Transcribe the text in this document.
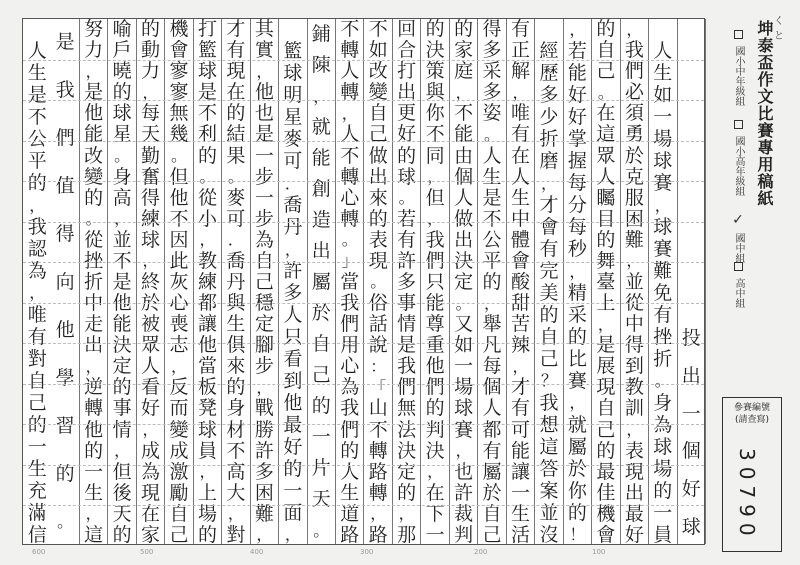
投
出
一
個
好
球

人
生
如
一
場
球
賽
，
球
賽
難
免
有
挫
折
。
身
為
球
場
的
一
員
，
我
們
必
須
勇
於
克
服
困
難
，
並
從
中
得
到
教
訓
，
表
現
出
最
好
的
自
己
。
在
這
眾
人
矚
目
的
舞
臺
上
，
是
展
現
自
己
的
最
佳
機
會
，
若
能
好
好
掌
握
每
分
每
秒
，
精
采
的
比
賽
，
就
屬
於
你
的
！

經
歷
多
少
折
磨
，
才
會
有
完
美
的
自
己
？
我
想
這
答
案
並
沒
有
正
解
，
唯
有
在
人
生
中
體
會
酸
甜
苦
辣
，
才
有
可
能
讓
一
生
活
得
多
采
多
姿
。
人
生
是
不
公
平
的
，
舉
凡
每
個
人
都
有
屬
於
自
己
的
家
庭
，
不
能
由
個
人
做
出
決
定
。
又
如
一
場
球
賽
，
也
許
裁
判
的
決
策
與
你
不
同
，
但
，
我
們
只
能
尊
重
他
們
的
判
決
，
在
下
一
回
合
打
出
更
好
的
球
。
若
有
許
多
事
情
是
我
們
無
法
決
定
的
，
那
不
如
改
變
自
己
做
出
來
的
表
現
。
俗
話
說
：
「
山
不
轉
路
轉
，
路
不
轉
人
轉
，
人
不
轉
心
轉
。
」
當
我
們
用
心
為
我
們
的
人
生
道
路
鋪
陳
，
就
能
創
造
出
屬
於
自
己
的
一
片
天
。

籃
球
明
星
麥
可
．
喬
丹
，
許
多
人
只
看
到
他
最
好
的
一
面
，
其
實
，
他
也
是
一
步
一
步
為
自
己
穩
定
腳
步
，
戰
勝
許
多
困
難
，
才
有
現
在
的
結
果
。
麥
可
．
喬
丹
與
生
俱
來
的
身
材
不
高
大
，
對
打
籃
球
是
不
利
的
。
從
小
，
教
練
都
讓
他
當
板
凳
球
員
，
上
場
的
機
會
寥
寥
無
幾
。
但
他
不
因
此
灰
心
喪
志
，
反
而
變
成
激
勵
自
己
的
動
力
，
每
天
勤
奮
得
練
球
，
終
於
被
眾
人
看
好
，
成
為
現
在
家
喻
戶
曉
的
球
星
。
身
高
，
並
不
是
他
能
決
定
的
事
情
，
但
後
天
的
努
力
，
是
他
能
改
變
的
。
從
挫
折
中
走
出
，
逆
轉
他
的
一
生
，
這
是
我
們
值
得
向
他
學
習
的
。

人
生
是
不
公
平
的
，
我
認
為
，
唯
有
對
自
己
的
一
生
充
滿
信
600	500	400	300	200	100
くと
坤泰盃作文比賽專用稿紙
國小中年級組
國小高年級組
✓ 國中組
高中組
參賽編號
(請查寫)
30790
